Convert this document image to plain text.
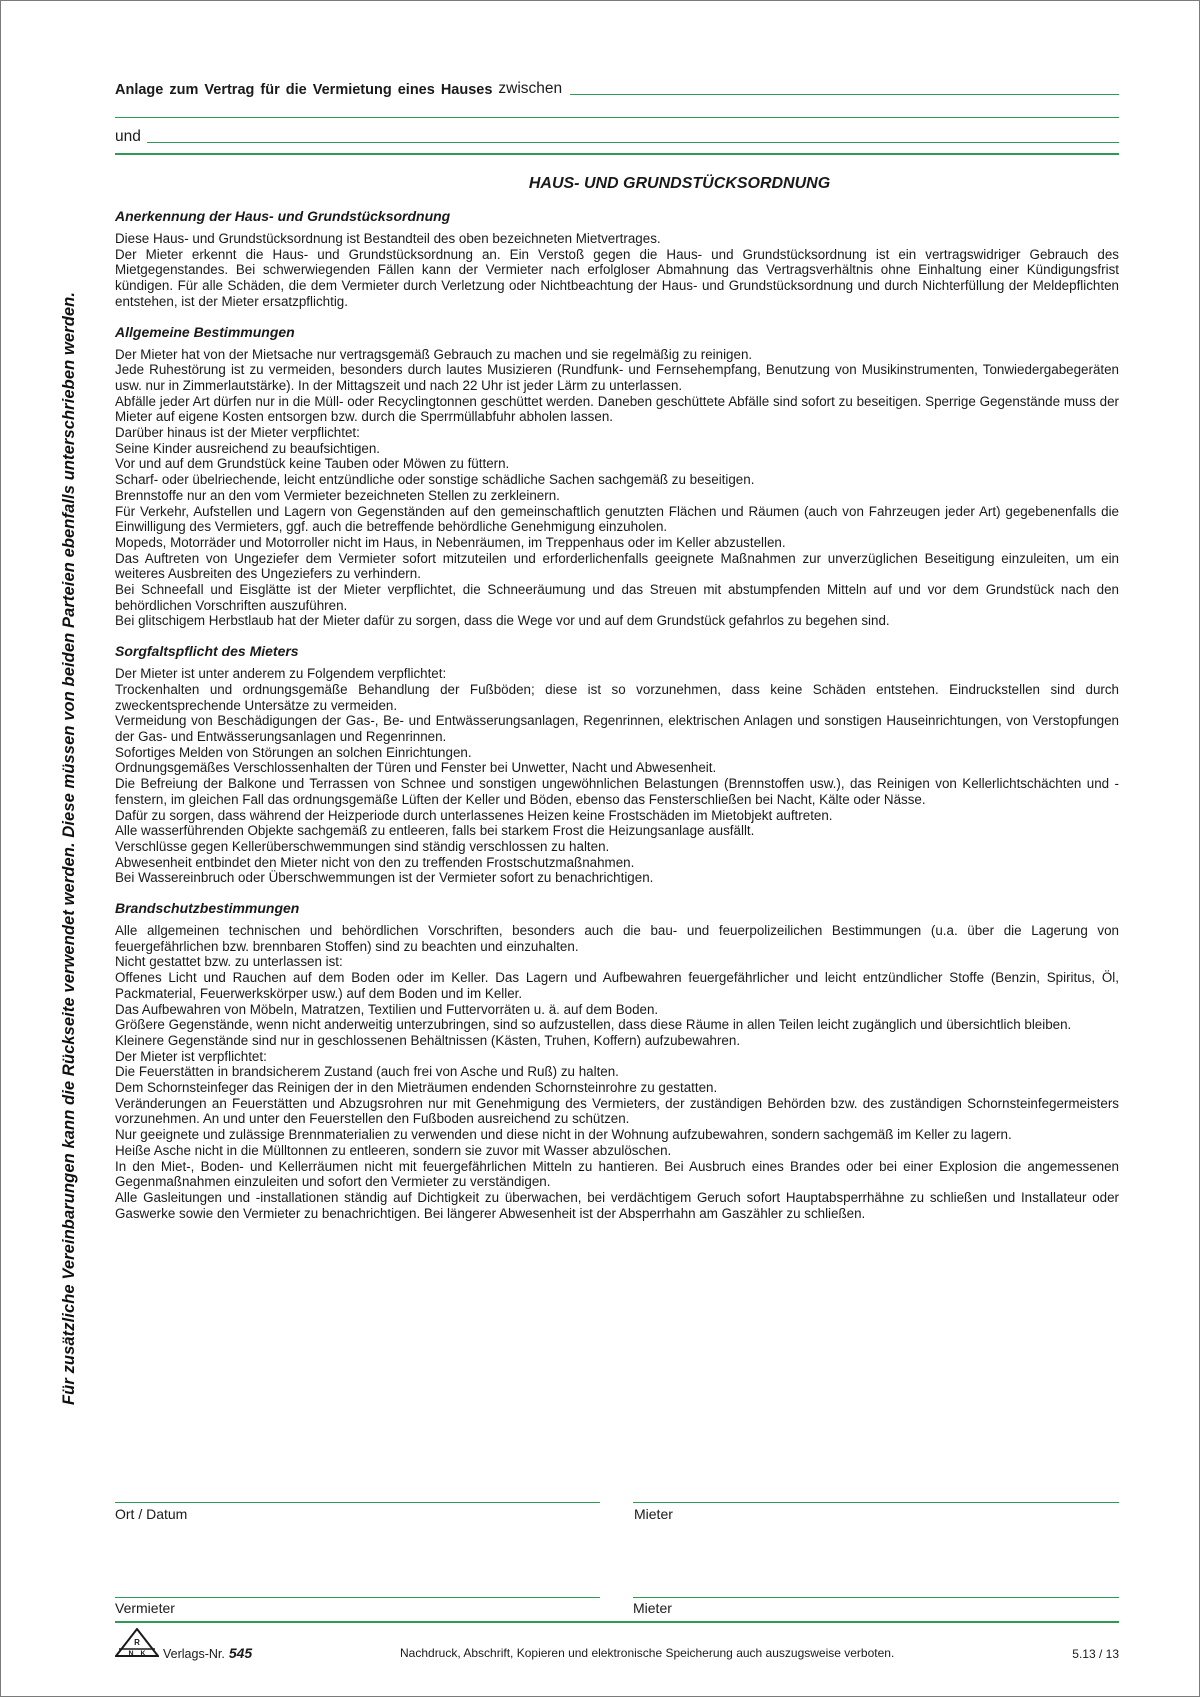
Für zusätzliche Vereinbarungen kann die Rückseite verwendet werden. Diese müssen von beiden Parteien ebenfalls unterschrieben werden.
Anlage zum Vertrag für die Vermietung eines Hauses zwischen
und
HAUS- UND GRUNDSTÜCKSORDNUNG
Anerkennung der Haus- und Grundstücksordnung

Diese Haus- und Grundstücksordnung ist Bestandteil des oben bezeichneten Mietvertrages.

Der Mieter erkennt die Haus- und Grundstücksordnung an. Ein Verstoß gegen die Haus- und Grundstücksordnung ist ein vertragswidriger Gebrauch des Mietgegenstandes. Bei schwerwiegenden Fällen kann der Vermieter nach erfolgloser Abmahnung das Vertragsverhältnis ohne Einhaltung einer Kündigungsfrist kündigen. Für alle Schäden, die dem Vermieter durch Verletzung oder Nichtbeachtung der Haus- und Grundstücksordnung und durch Nichterfüllung der Meldepflichten entstehen, ist der Mieter ersatzpflichtig.

Allgemeine Bestimmungen

Der Mieter hat von der Mietsache nur vertragsgemäß Gebrauch zu machen und sie regelmäßig zu reinigen.

Jede Ruhestörung ist zu vermeiden, besonders durch lautes Musizieren (Rundfunk- und Fernsehempfang, Benutzung von Musikinstrumenten, Tonwiedergabegeräten usw. nur in Zimmerlautstärke). In der Mittagszeit und nach 22 Uhr ist jeder Lärm zu unterlassen.

Abfälle jeder Art dürfen nur in die Müll- oder Recyclingtonnen geschüttet werden. Daneben geschüttete Abfälle sind sofort zu beseitigen. Sperrige Gegenstände muss der Mieter auf eigene Kosten entsorgen bzw. durch die Sperrmüllabfuhr abholen lassen.

Darüber hinaus ist der Mieter verpflichtet:

Seine Kinder ausreichend zu beaufsichtigen.

Vor und auf dem Grundstück keine Tauben oder Möwen zu füttern.

Scharf- oder übelriechende, leicht entzündliche oder sonstige schädliche Sachen sachgemäß zu beseitigen.

Brennstoffe nur an den vom Vermieter bezeichneten Stellen zu zerkleinern.

Für Verkehr, Aufstellen und Lagern von Gegenständen auf den gemeinschaftlich genutzten Flächen und Räumen (auch von Fahrzeugen jeder Art) gegebenenfalls die Einwilligung des Vermieters, ggf. auch die betreffende behördliche Genehmigung einzuholen.

Mopeds, Motorräder und Motorroller nicht im Haus, in Nebenräumen, im Treppenhaus oder im Keller abzustellen.

Das Auftreten von Ungeziefer dem Vermieter sofort mitzuteilen und erforderlichenfalls geeignete Maßnahmen zur unverzüglichen Beseitigung einzuleiten, um ein weiteres Ausbreiten des Ungeziefers zu verhindern.

Bei Schneefall und Eisglätte ist der Mieter verpflichtet, die Schneeräumung und das Streuen mit abstumpfenden Mitteln auf und vor dem Grundstück nach den behördlichen Vorschriften auszuführen.

Bei glitschigem Herbstlaub hat der Mieter dafür zu sorgen, dass die Wege vor und auf dem Grundstück gefahrlos zu begehen sind.

Sorgfaltspflicht des Mieters

Der Mieter ist unter anderem zu Folgendem verpflichtet:

Trockenhalten und ordnungsgemäße Behandlung der Fußböden; diese ist so vorzunehmen, dass keine Schäden entstehen. Eindruckstellen sind durch zweckentsprechende Untersätze zu vermeiden.

Vermeidung von Beschädigungen der Gas-, Be- und Entwässerungsanlagen, Regenrinnen, elektrischen Anlagen und sonstigen Hauseinrichtungen, von Verstopfungen der Gas- und Entwässerungsanlagen und Regenrinnen.

Sofortiges Melden von Störungen an solchen Einrichtungen.

Ordnungsgemäßes Verschlossenhalten der Türen und Fenster bei Unwetter, Nacht und Abwesenheit.

Die Befreiung der Balkone und Terrassen von Schnee und sonstigen ungewöhnlichen Belastungen (Brennstoffen usw.), das Reinigen von Kellerlichtschächten und -fenstern, im gleichen Fall das ordnungsgemäße Lüften der Keller und Böden, ebenso das Fensterschließen bei Nacht, Kälte oder Nässe.

Dafür zu sorgen, dass während der Heizperiode durch unterlassenes Heizen keine Frostschäden im Mietobjekt auftreten.

Alle wasserführenden Objekte sachgemäß zu entleeren, falls bei starkem Frost die Heizungsanlage ausfällt.

Verschlüsse gegen Kellerüberschwemmungen sind ständig verschlossen zu halten.

Abwesenheit entbindet den Mieter nicht von den zu treffenden Frostschutzmaßnahmen.

Bei Wassereinbruch oder Überschwemmungen ist der Vermieter sofort zu benachrichtigen.

Brandschutzbestimmungen

Alle allgemeinen technischen und behördlichen Vorschriften, besonders auch die bau- und feuerpolizeilichen Bestimmungen (u.a. über die Lagerung von feuergefährlichen bzw. brennbaren Stoffen) sind zu beachten und einzuhalten.

Nicht gestattet bzw. zu unterlassen ist:

Offenes Licht und Rauchen auf dem Boden oder im Keller. Das Lagern und Aufbewahren feuergefährlicher und leicht entzündlicher Stoffe (Benzin, Spiritus, Öl, Packmaterial, Feuerwerkskörper usw.) auf dem Boden und im Keller.

Das Aufbewahren von Möbeln, Matratzen, Textilien und Futtervorräten u. ä. auf dem Boden.

Größere Gegenstände, wenn nicht anderweitig unterzubringen, sind so aufzustellen, dass diese Räume in allen Teilen leicht zugänglich und übersichtlich bleiben.

Kleinere Gegenstände sind nur in geschlossenen Behältnissen (Kästen, Truhen, Koffern) aufzubewahren.

Der Mieter ist verpflichtet:

Die Feuerstätten in brandsicherem Zustand (auch frei von Asche und Ruß) zu halten.

Dem Schornsteinfeger das Reinigen der in den Mieträumen endenden Schornsteinrohre zu gestatten.

Veränderungen an Feuerstätten und Abzugsrohren nur mit Genehmigung des Vermieters, der zuständigen Behörden bzw. des zuständigen Schornsteinfegermeisters vorzunehmen. An und unter den Feuerstellen den Fußboden ausreichend zu schützen.

Nur geeignete und zulässige Brennmaterialien zu verwenden und diese nicht in der Wohnung aufzubewahren, sondern sachgemäß im Keller zu lagern.

Heiße Asche nicht in die Mülltonnen zu entleeren, sondern sie zuvor mit Wasser abzulöschen.

In den Miet-, Boden- und Kellerräumen nicht mit feuergefährlichen Mitteln zu hantieren. Bei Ausbruch eines Brandes oder bei einer Explosion die angemessenen Gegenmaßnahmen einzuleiten und sofort den Vermieter zu verständigen.

Alle Gasleitungen und -installationen ständig auf Dichtigkeit zu überwachen, bei verdächtigem Geruch sofort Hauptabsperrhähne zu schließen und Installateur oder Gaswerke sowie den Vermieter zu benachrichtigen. Bei längerer Abwesenheit ist der Absperrhahn am Gaszähler zu schließen.

Ort / Datum	Mieter
Vermieter	Mieter
R
N K Verlags-Nr. 545	Nachdruck, Abschrift, Kopieren und elektronische Speicherung auch auszugsweise verboten.	5.13 / 13
